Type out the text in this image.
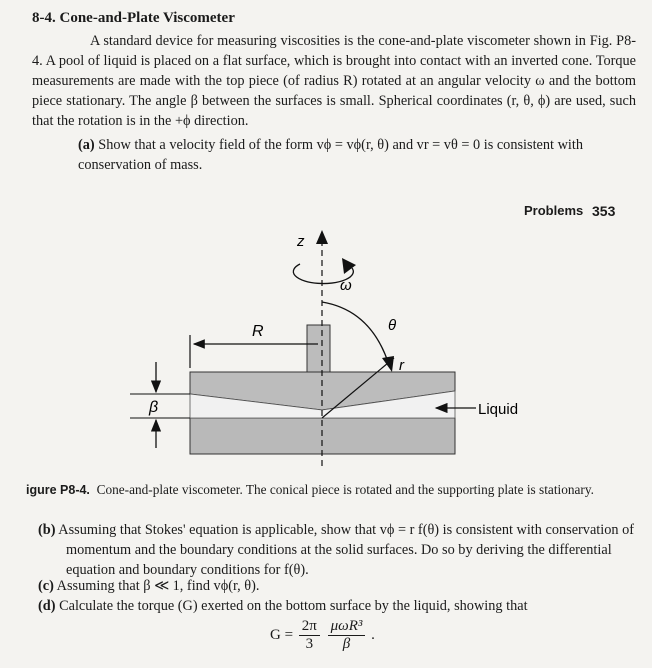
8-4. Cone-and-Plate Viscometer
A standard device for measuring viscosities is the cone-and-plate viscometer shown in Fig. P8-4. A pool of liquid is placed on a flat surface, which is brought into contact with an inverted cone. Torque measurements are made with the top piece (of radius R) rotated at an angular velocity ω and the bottom piece stationary. The angle β between the surfaces is small. Spherical coordinates (r, θ, ϕ) are used, such that the rotation is in the +ϕ direction.
(a) Show that a velocity field of the form vϕ = vϕ(r, θ) and vr = vθ = 0 is consistent with conservation of mass.
Problems 353
z
ω
θ
r
R
β	Liquid
igure P8-4. Cone-and-plate viscometer. The conical piece is rotated and the supporting plate is stationary.
(b) Assuming that Stokes' equation is applicable, show that vϕ = r f(θ) is consistent with conservation of momentum and the boundary conditions at the solid surfaces. Do so by deriving the differential equation and boundary conditions for f(θ).
(c) Assuming that β ≪ 1, find vϕ(r, θ).
(d) Calculate the torque (G) exerted on the bottom surface by the liquid, showing that
$G = \frac{2\pi}{3}$
$\frac{\text{μωR³}}{\beta}$ .
